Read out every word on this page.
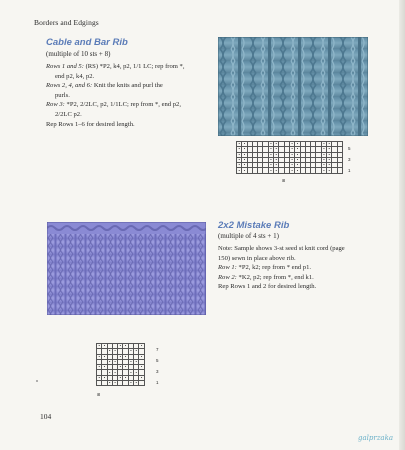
Borders and Edgings
Cable and Bar Rib
(multiple of 10 sts + 8)

Rows 1 and 5: (RS) *P2, k4, p2, 1/1 LC; rep from *,

end p2, k4, p2.

Rows 2, 4, and 6: Knit the knits and purl the

purls.

Row 3: *P2, 2/2LC, p2, 1/1LC; rep from *, end p2,

2/2LC p2.

Rep Rows 1–6 for desired length.

•	•					•	•			•	•					•	•		
•	•					•	•			•	•					•	•		
•	•					•	•			•	•					•	•		
•	•					•	•			•	•					•	•		
•	•					•	•			•	•					•	•		
•	•					•	•			•	•					•	•		
5
3
1
⊞
2x2 Mistake Rib
(multiple of 4 sts + 1)

Note: Sample shows 3-st seed st knit cord (page

150) sewn in place above rib.

Row 1: *P2, k2; rep from * end p1.

Row 2: *K2, p2; rep from *, end k1.

Rep Rows 1 and 2 for desired length.

•	•			•	•			•
		•	•			•	•	
•	•			•	•			•
		•	•			•	•	
•	•			•	•			•
		•	•			•	•	
•	•			•	•			•
		•	•			•	•	
7
5
3
1
⊞
104
galprzaka
